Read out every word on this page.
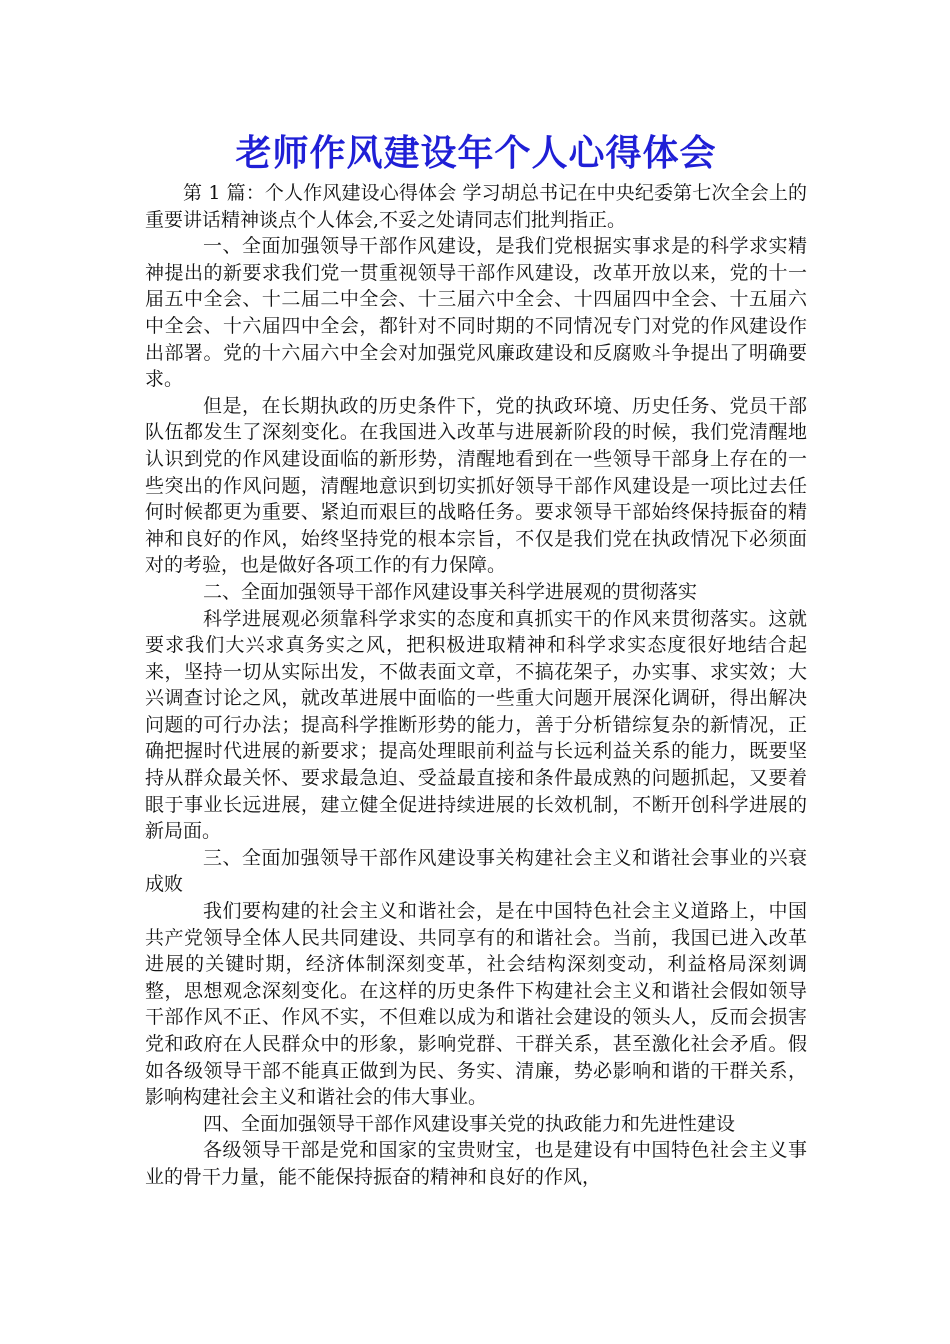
老师作风建设年个人心得体会

第 1 篇：个人作风建设心得体会 学习胡总书记在中央纪委第七次全会上的重要讲话精神谈点个人体会,不妥之处请同志们批判指正。

一、全面加强领导干部作风建设，是我们党根据实事求是的科学求实精神提出的新要求我们党一贯重视领导干部作风建设，改革开放以来，党的十一届五中全会、十二届二中全会、十三届六中全会、十四届四中全会、十五届六中全会、十六届四中全会，都针对不同时期的不同情况专门对党的作风建设作出部署。党的十六届六中全会对加强党风廉政建设和反腐败斗争提出了明确要求。

但是，在长期执政的历史条件下，党的执政环境、历史任务、党员干部队伍都发生了深刻变化。在我国进入改革与进展新阶段的时候，我们党清醒地认识到党的作风建设面临的新形势，清醒地看到在一些领导干部身上存在的一些突出的作风问题，清醒地意识到切实抓好领导干部作风建设是一项比过去任何时候都更为重要、紧迫而艰巨的战略任务。要求领导干部始终保持振奋的精神和良好的作风，始终坚持党的根本宗旨，不仅是我们党在执政情况下必须面对的考验，也是做好各项工作的有力保障。

二、全面加强领导干部作风建设事关科学进展观的贯彻落实

科学进展观必须靠科学求实的态度和真抓实干的作风来贯彻落实。这就要求我们大兴求真务实之风，把积极进取精神和科学求实态度很好地结合起来，坚持一切从实际出发，不做表面文章，不搞花架子，办实事、求实效；大兴调查讨论之风，就改革进展中面临的一些重大问题开展深化调研，得出解决问题的可行办法；提高科学推断形势的能力，善于分析错综复杂的新情况，正确把握时代进展的新要求；提高处理眼前利益与长远利益关系的能力，既要坚持从群众最关怀、要求最急迫、受益最直接和条件最成熟的问题抓起，又要着眼于事业长远进展，建立健全促进持续进展的长效机制，不断开创科学进展的新局面。

三、全面加强领导干部作风建设事关构建社会主义和谐社会事业的兴衰成败

我们要构建的社会主义和谐社会，是在中国特色社会主义道路上，中国共产党领导全体人民共同建设、共同享有的和谐社会。当前，我国已进入改革进展的关键时期，经济体制深刻变革，社会结构深刻变动，利益格局深刻调整，思想观念深刻变化。在这样的历史条件下构建社会主义和谐社会假如领导干部作风不正、作风不实，不但难以成为和谐社会建设的领头人，反而会损害党和政府在人民群众中的形象，影响党群、干群关系，甚至激化社会矛盾。假如各级领导干部不能真正做到为民、务实、清廉，势必影响和谐的干群关系，影响构建社会主义和谐社会的伟大事业。

四、全面加强领导干部作风建设事关党的执政能力和先进性建设

各级领导干部是党和国家的宝贵财宝，也是建设有中国特色社会主义事业的骨干力量，能不能保持振奋的精神和良好的作风，
